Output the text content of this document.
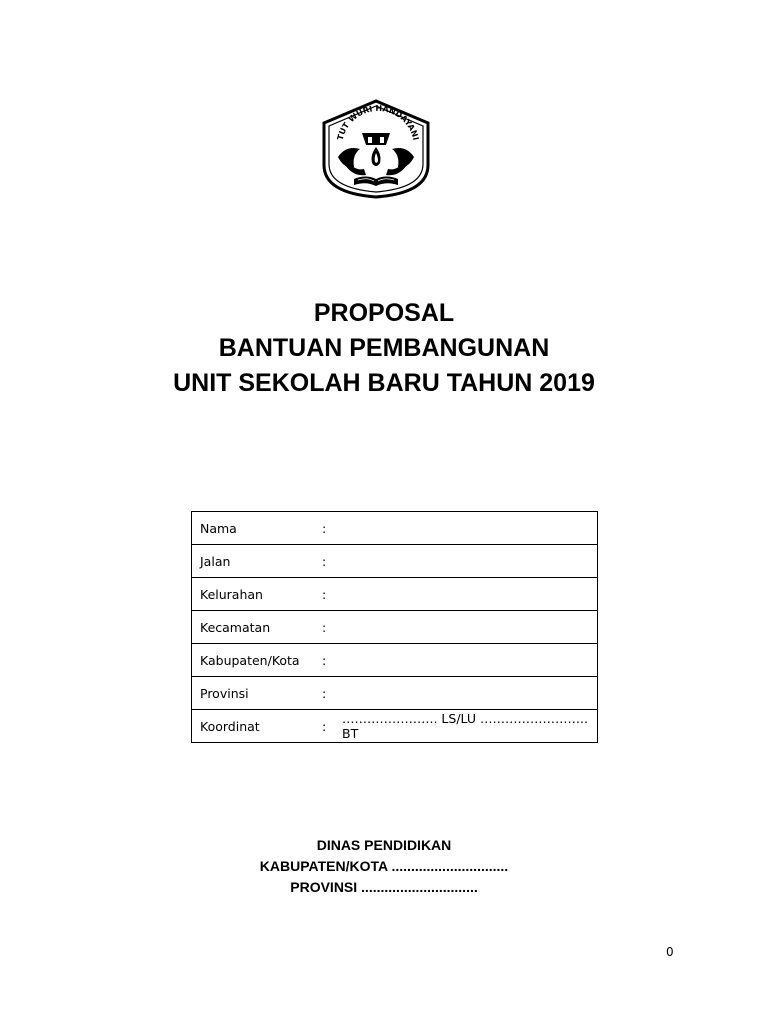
TUT WURI HANDAYANI
PROPOSAL
BANTUAN PEMBANGUNAN
UNIT SEKOLAH BARU TAHUN 2019
Nama	:	
Jalan	:	
Kelurahan	:	
Kecamatan	:	
Kabupaten/Kota	:	
Provinsi	:	
Koordinat	:	………………….. LS/LU …………………….. BT
DINAS PENDIDIKAN
KABUPATEN/KOTA ..............................
PROVINSI ..............................
0
